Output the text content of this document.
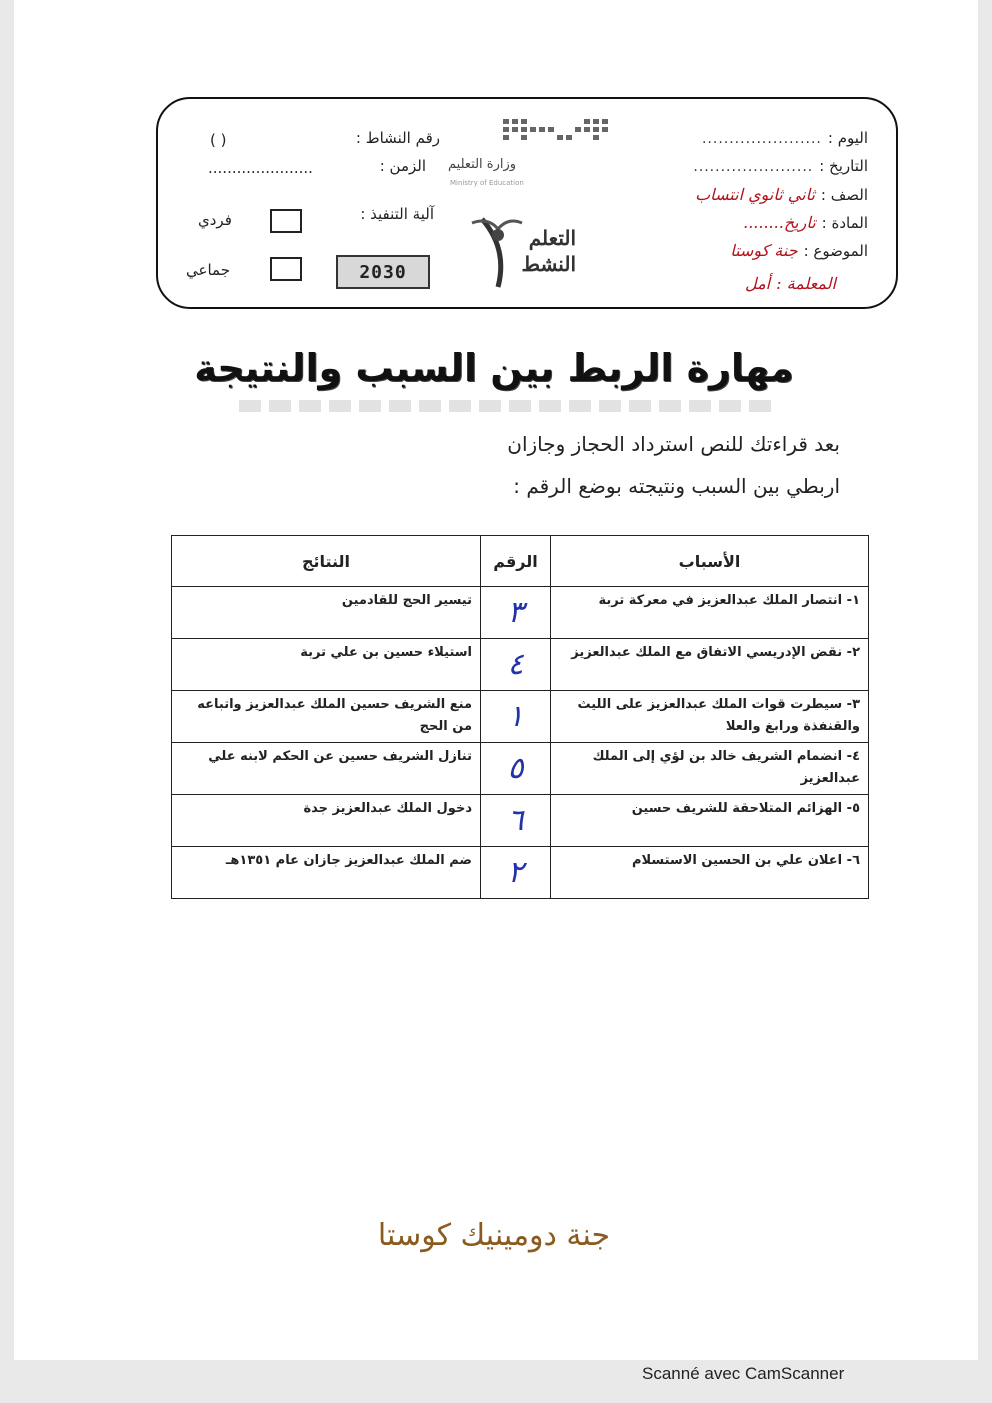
اليوم :
......................
التاريخ :
......................
الصف :
ثاني ثانوي انتساب
المادة :
تاريخ........
الموضوع :
جنة كوستا
المعلمة :
أمل
وزارة التعليم
Ministry of Education
التعلم النشط
رقم النشاط :
( )
الزمن :
......................
آلية التنفيذ :
فردي
جماعي	2030
مهارة الربط بين السبب والنتيجة
بعد قراءتك للنص استرداد الحجاز وجازان
اربطي بين السبب ونتيجته بوضع الرقم :
الأسباب	الرقم	النتائج
١- انتصار الملك عبدالعزيز في معركة تربة	٣	تيسير الحج للقادمين
٢- نقض الإدريسي الاتفاق مع الملك عبدالعزيز	٤	استيلاء حسين بن علي تربة
٣- سيطرت قوات الملك عبدالعزيز على الليث والقنفذة ورابغ والعلا	١	منع الشريف حسين الملك عبدالعزيز واتباعه من الحج
٤- انضمام الشريف خالد بن لؤي إلى الملك عبدالعزيز	٥	تنازل الشريف حسين عن الحكم لابنه علي
٥- الهزائم المتلاحقة للشريف حسين	٦	دخول الملك عبدالعزيز جدة
٦- اعلان علي بن الحسين الاستسلام	٢	ضم الملك عبدالعزيز جازان عام ١٣٥١هـ
جنة دومينيك كوستا
Scanné avec CamScanner
